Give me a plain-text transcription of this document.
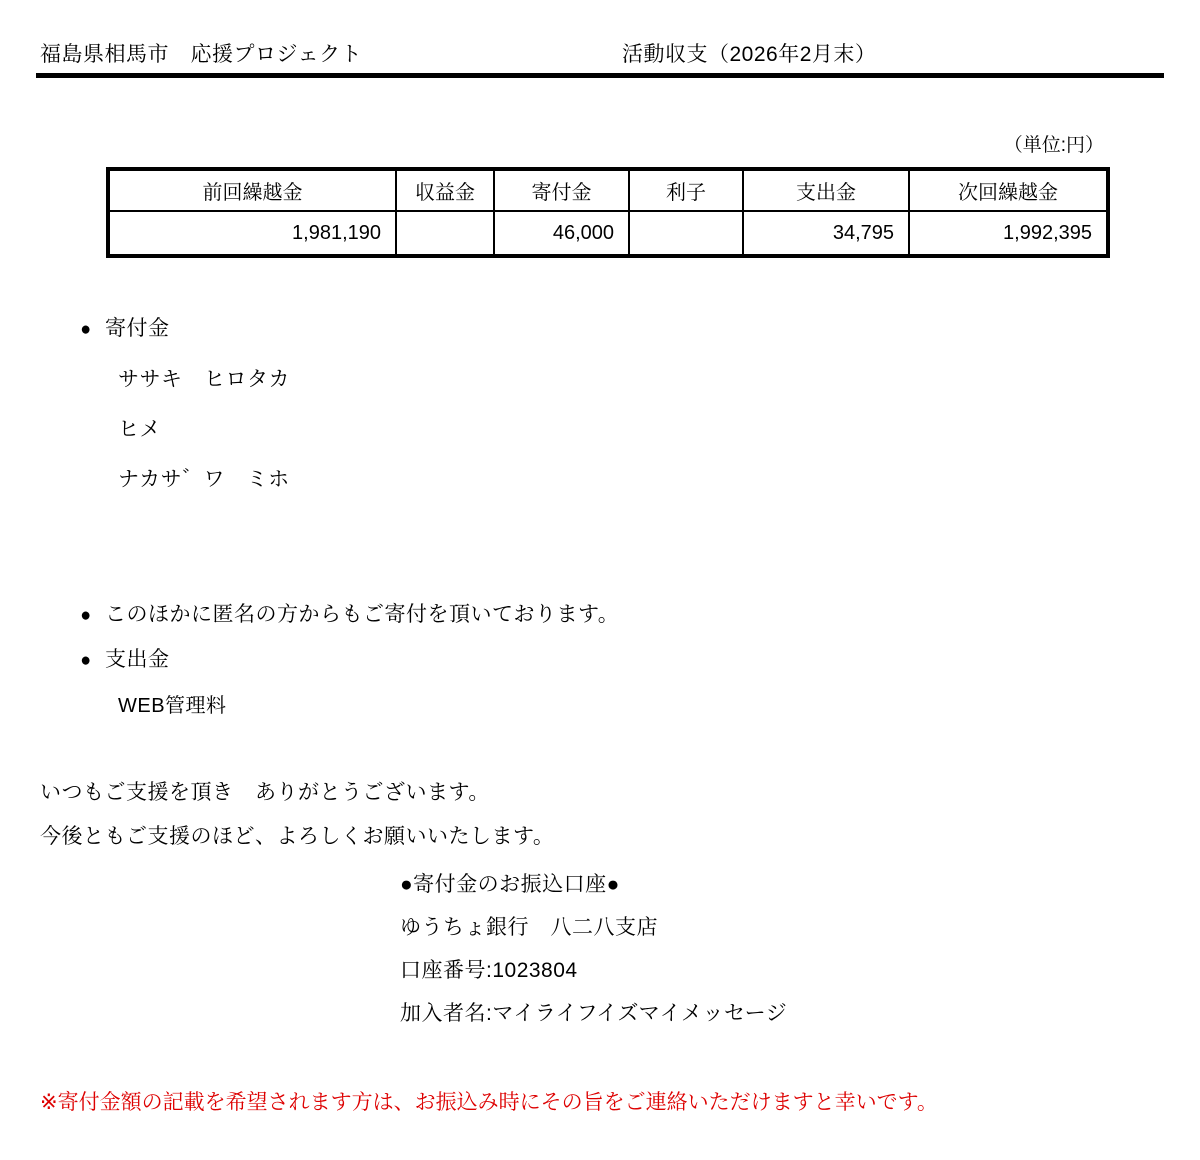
福島県相馬市　応援プロジェクト	活動収支（2026年2月末）
（単位:円）
前回繰越金	収益金	寄付金	利子	支出金	次回繰越金
1,981,190		46,000		34,795	1,992,395
● 寄付金
ササキ　ヒロタカ
ヒメ
ナカサ゛ワ　ミホ
● このほかに匿名の方からもご寄付を頂いております。
● 支出金
WEB管理料
いつもご支援を頂き　ありがとうございます。
今後ともご支援のほど、よろしくお願いいたします。
●寄付金のお振込口座●
ゆうちょ銀行　八二八支店
口座番号:1023804
加入者名:マイライフイズマイメッセージ
※寄付金額の記載を希望されます方は、お振込み時にその旨をご連絡いただけますと幸いです。
